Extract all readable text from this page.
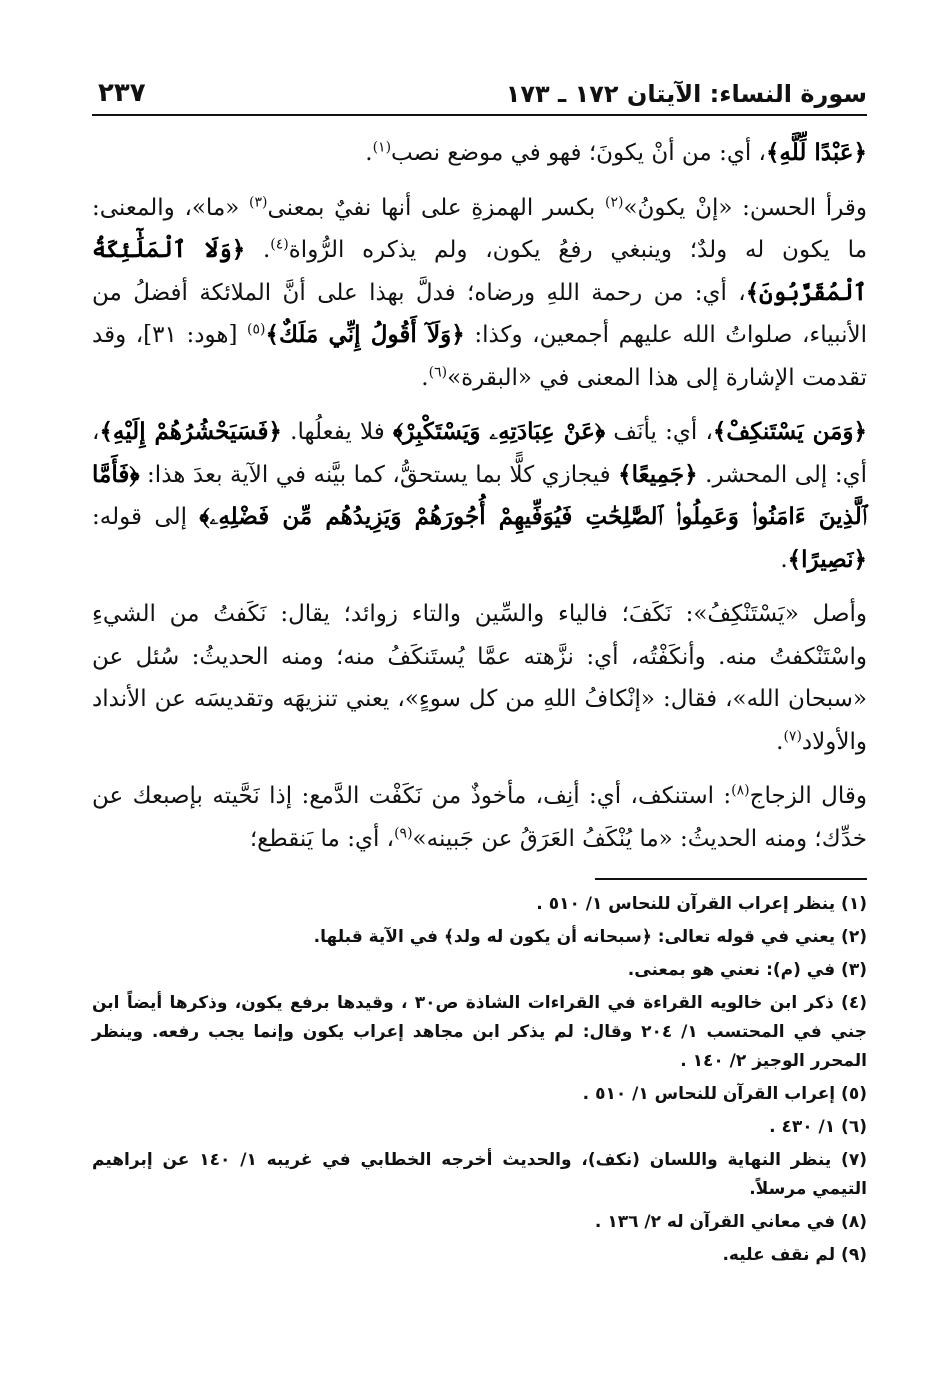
سورة النساء: الآيتان ١٧٢ ـ ١٧٣
٢٣٧

﴿عَبْدًا لِّلَّهِ﴾، أي: من أنْ يكونَ؛ فهو في موضع نصب$^{(١)}$.

وقرأ الحسن: «إنْ يكونُ»$^{(٢)}$ بكسر الهمزةِ على أنها نفيٌ بمعنى$^{(٣)}$ «ما»، والمعنى: ما يكون له ولدٌ؛ وينبغي رفعُ يكون، ولم يذكره الرُّواة$^{(٤)}$. ﴿وَلَا ٱلْمَلَٰٓئِكَةُ ٱلْمُقَرَّبُونَ﴾، أي: من رحمة اللهِ ورضاه؛ فدلَّ بهذا على أنَّ الملائكة أفضلُ من الأنبياء، صلواتُ الله عليهم أجمعين، وكذا: ﴿وَلَآ أَقُولُ إِنِّي مَلَكٌ﴾$^{(٥)}$ [هود: ٣١]، وقد تقدمت الإشارة إلى هذا المعنى في «البقرة»$^{(٦)}$.

﴿وَمَن يَسْتَنكِفْ﴾، أي: يأنَف ﴿عَنْ عِبَادَتِهِۦ وَيَسْتَكْبِرْ﴾ فلا يفعلُها. ﴿فَسَيَحْشُرُهُمْ إِلَيْهِ﴾، أي: إلى المحشر. ﴿جَمِيعًا﴾ فيجازي كلًّا بما يستحقُّ، كما بيَّنه في الآية بعدَ هذا: ﴿فَأَمَّا ٱلَّذِينَ ءَامَنُوا۟ وَعَمِلُوا۟ ٱلصَّٰلِحَٰتِ فَيُوَفِّيهِمْ أُجُورَهُمْ وَيَزِيدُهُم مِّن فَضْلِهِۦ﴾ إلى قوله: ﴿نَصِيرًا﴾.

وأصل «يَسْتَنْكِفُ»: نَكَفَ؛ فالياء والسِّين والتاء زوائد؛ يقال: نَكَفتُ من الشيءِ واسْتَنْكفتُ منه. وأنكَفْتُه، أي: نزَّهته عمَّا يُستَنكَفُ منه؛ ومنه الحديثُ: سُئل عن «سبحان الله»، فقال: «إنْكافُ اللهِ من كل سوءٍ»، يعني تنزيهَه وتقديسَه عن الأنداد والأولاد$^{(٧)}$.

وقال الزجاج$^{(٨)}$: استنكف، أي: أنِف، مأخوذٌ من نَكَفْت الدَّمع: إذا نَحَّيته بإصبعك عن خدِّك؛ ومنه الحديثُ: «ما يُنْكَفُ العَرَقُ عن جَبينه»$^{(٩)}$، أي: ما يَنقطع؛

(١) ينظر إعراب القرآن للنحاس ١/ ٥١٠ .
(٢) يعني في قوله تعالى: ﴿سبحانه أن يكون له ولد﴾ في الآية قبلها.
(٣) في (م): نعني هو بمعنى.
(٤) ذكر ابن خالويه القراءة في القراءات الشاذة ص٣٠ ، وقيدها برفع يكون، وذكرها أيضاً ابن جني في المحتسب ١/ ٢٠٤ وقال: لم يذكر ابن مجاهد إعراب يكون وإنما يجب رفعه. وينظر المحرر الوجيز ٢/ ١٤٠ .
(٥) إعراب القرآن للنحاس ١/ ٥١٠ .
(٦) ١/ ٤٣٠ .
(٧) ينظر النهاية واللسان (نكف)، والحديث أخرجه الخطابي في غريبه ١/ ١٤٠ عن إبراهيم التيمي مرسلاً.
(٨) في معاني القرآن له ٢/ ١٣٦ .
(٩) لم نقف عليه.
